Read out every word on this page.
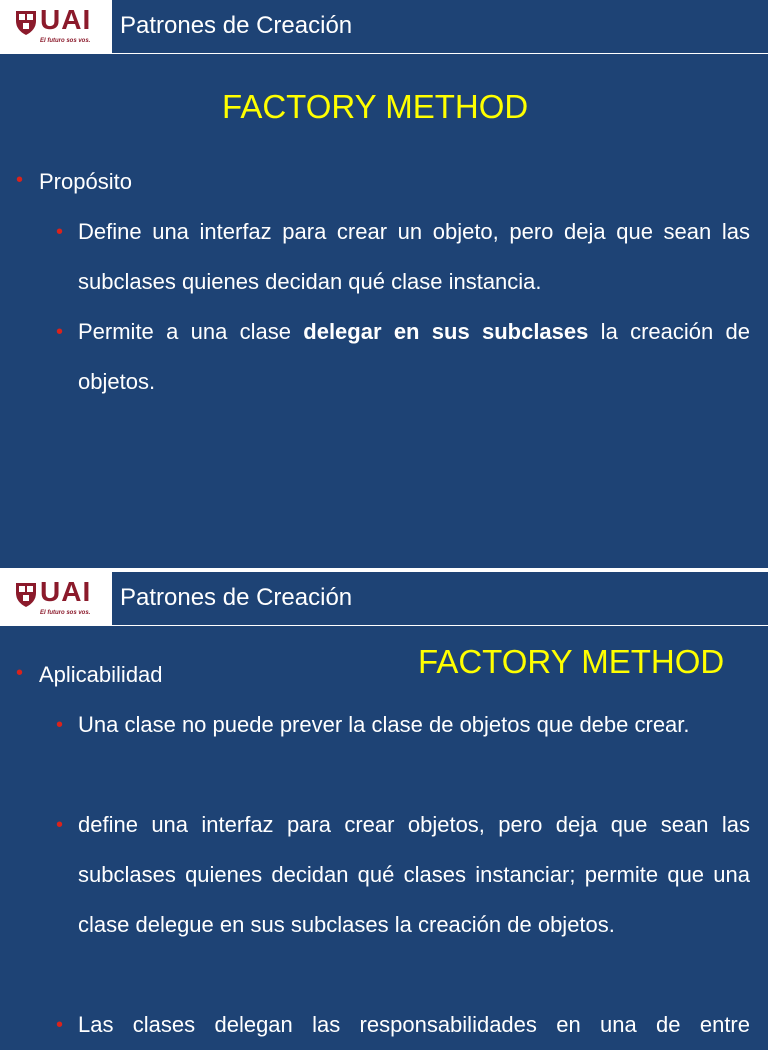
UAI
El futuro sos vos.
Patrones de Creación
FACTORY METHOD
Propósito
• Define una interfaz para crear un objeto, pero deja que sean las subclases quienes decidan qué clase instancia.
• Permite a una clase delegar en sus subclases la creación de objetos.
UAI
El futuro sos vos.
Patrones de Creación
FACTORY METHOD
Aplicabilidad
• Una clase no puede prever la clase de objetos que debe crear.
• define una interfaz para crear objetos, pero deja que sean las subclases quienes decidan qué clases instanciar; permite que una clase delegue en sus subclases la creación de objetos.
• Las clases delegan las responsabilidades en una de entre
